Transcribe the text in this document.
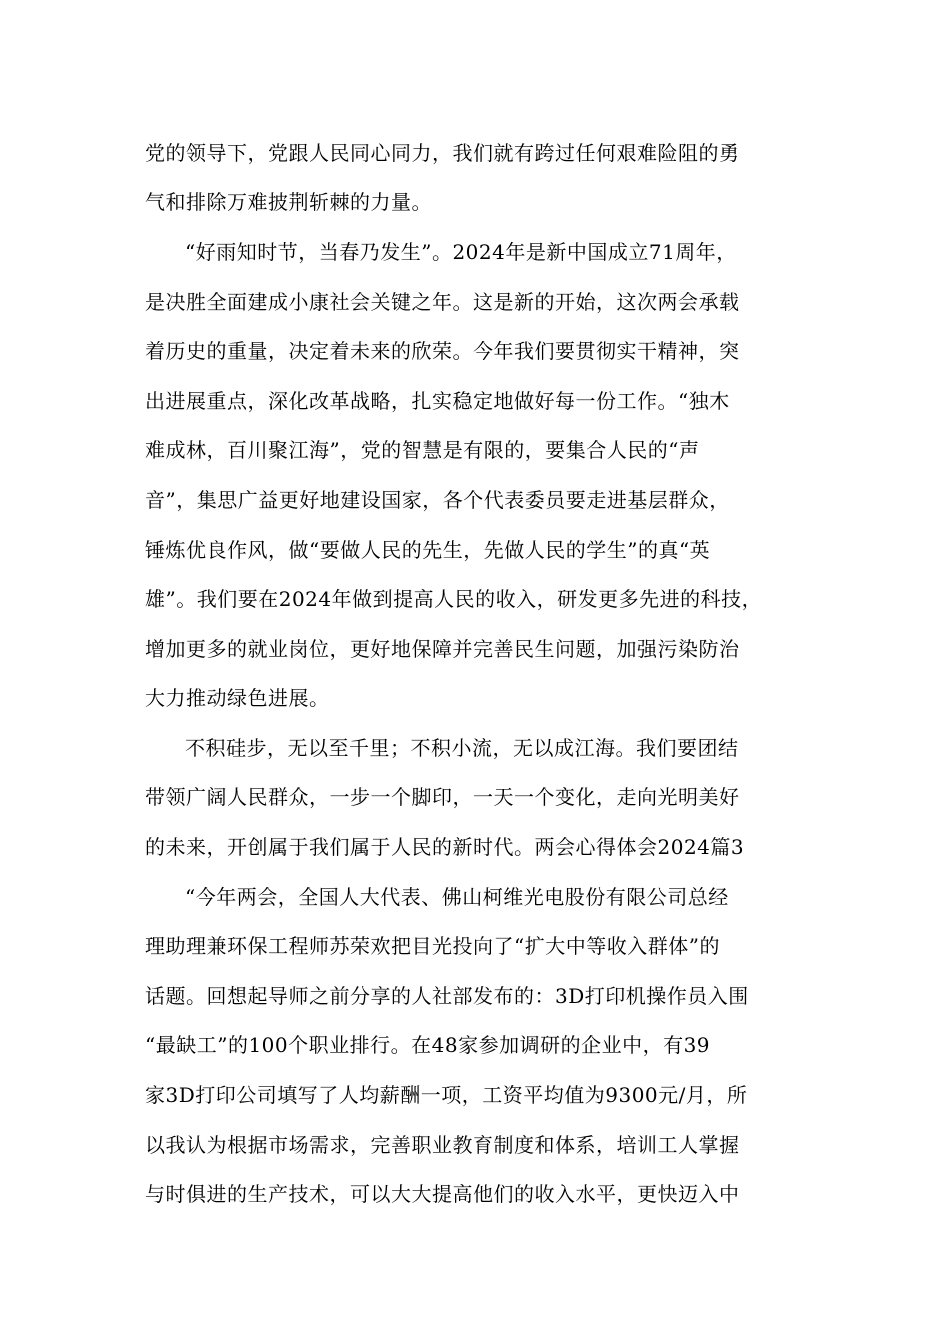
党的领导下，党跟人民同心同力，我们就有跨过任何艰难险阻的勇
气和排除万难披荆斩棘的力量。
“好雨知时节，当春乃发生”。2024年是新中国成立71周年，
是决胜全面建成小康社会关键之年。这是新的开始，这次两会承载
着历史的重量，决定着未来的欣荣。今年我们要贯彻实干精神，突
出进展重点，深化改革战略，扎实稳定地做好每一份工作。“独木
难成林，百川聚江海”，党的智慧是有限的，要集合人民的“声
音”，集思广益更好地建设国家，各个代表委员要走进基层群众，
锤炼优良作风，做“要做人民的先生，先做人民的学生”的真“英
雄”。我们要在2024年做到提高人民的收入，研发更多先进的科技，
增加更多的就业岗位，更好地保障并完善民生问题，加强污染防治
大力推动绿色进展。
不积硅步，无以至千里；不积小流，无以成江海。我们要团结
带领广阔人民群众，一步一个脚印，一天一个变化，走向光明美好
的未来，开创属于我们属于人民的新时代。两会心得体会2024篇3
“今年两会，全国人大代表、佛山柯维光电股份有限公司总经
理助理兼环保工程师苏荣欢把目光投向了“扩大中等收入群体”的
话题。回想起导师之前分享的人社部发布的：3D打印机操作员入围
“最缺工”的100个职业排行。在48家参加调研的企业中，有39
家3D打印公司填写了人均薪酬一项，工资平均值为9300元/月，所
以我认为根据市场需求，完善职业教育制度和体系，培训工人掌握
与时俱进的生产技术，可以大大提高他们的收入水平，更快迈入中
